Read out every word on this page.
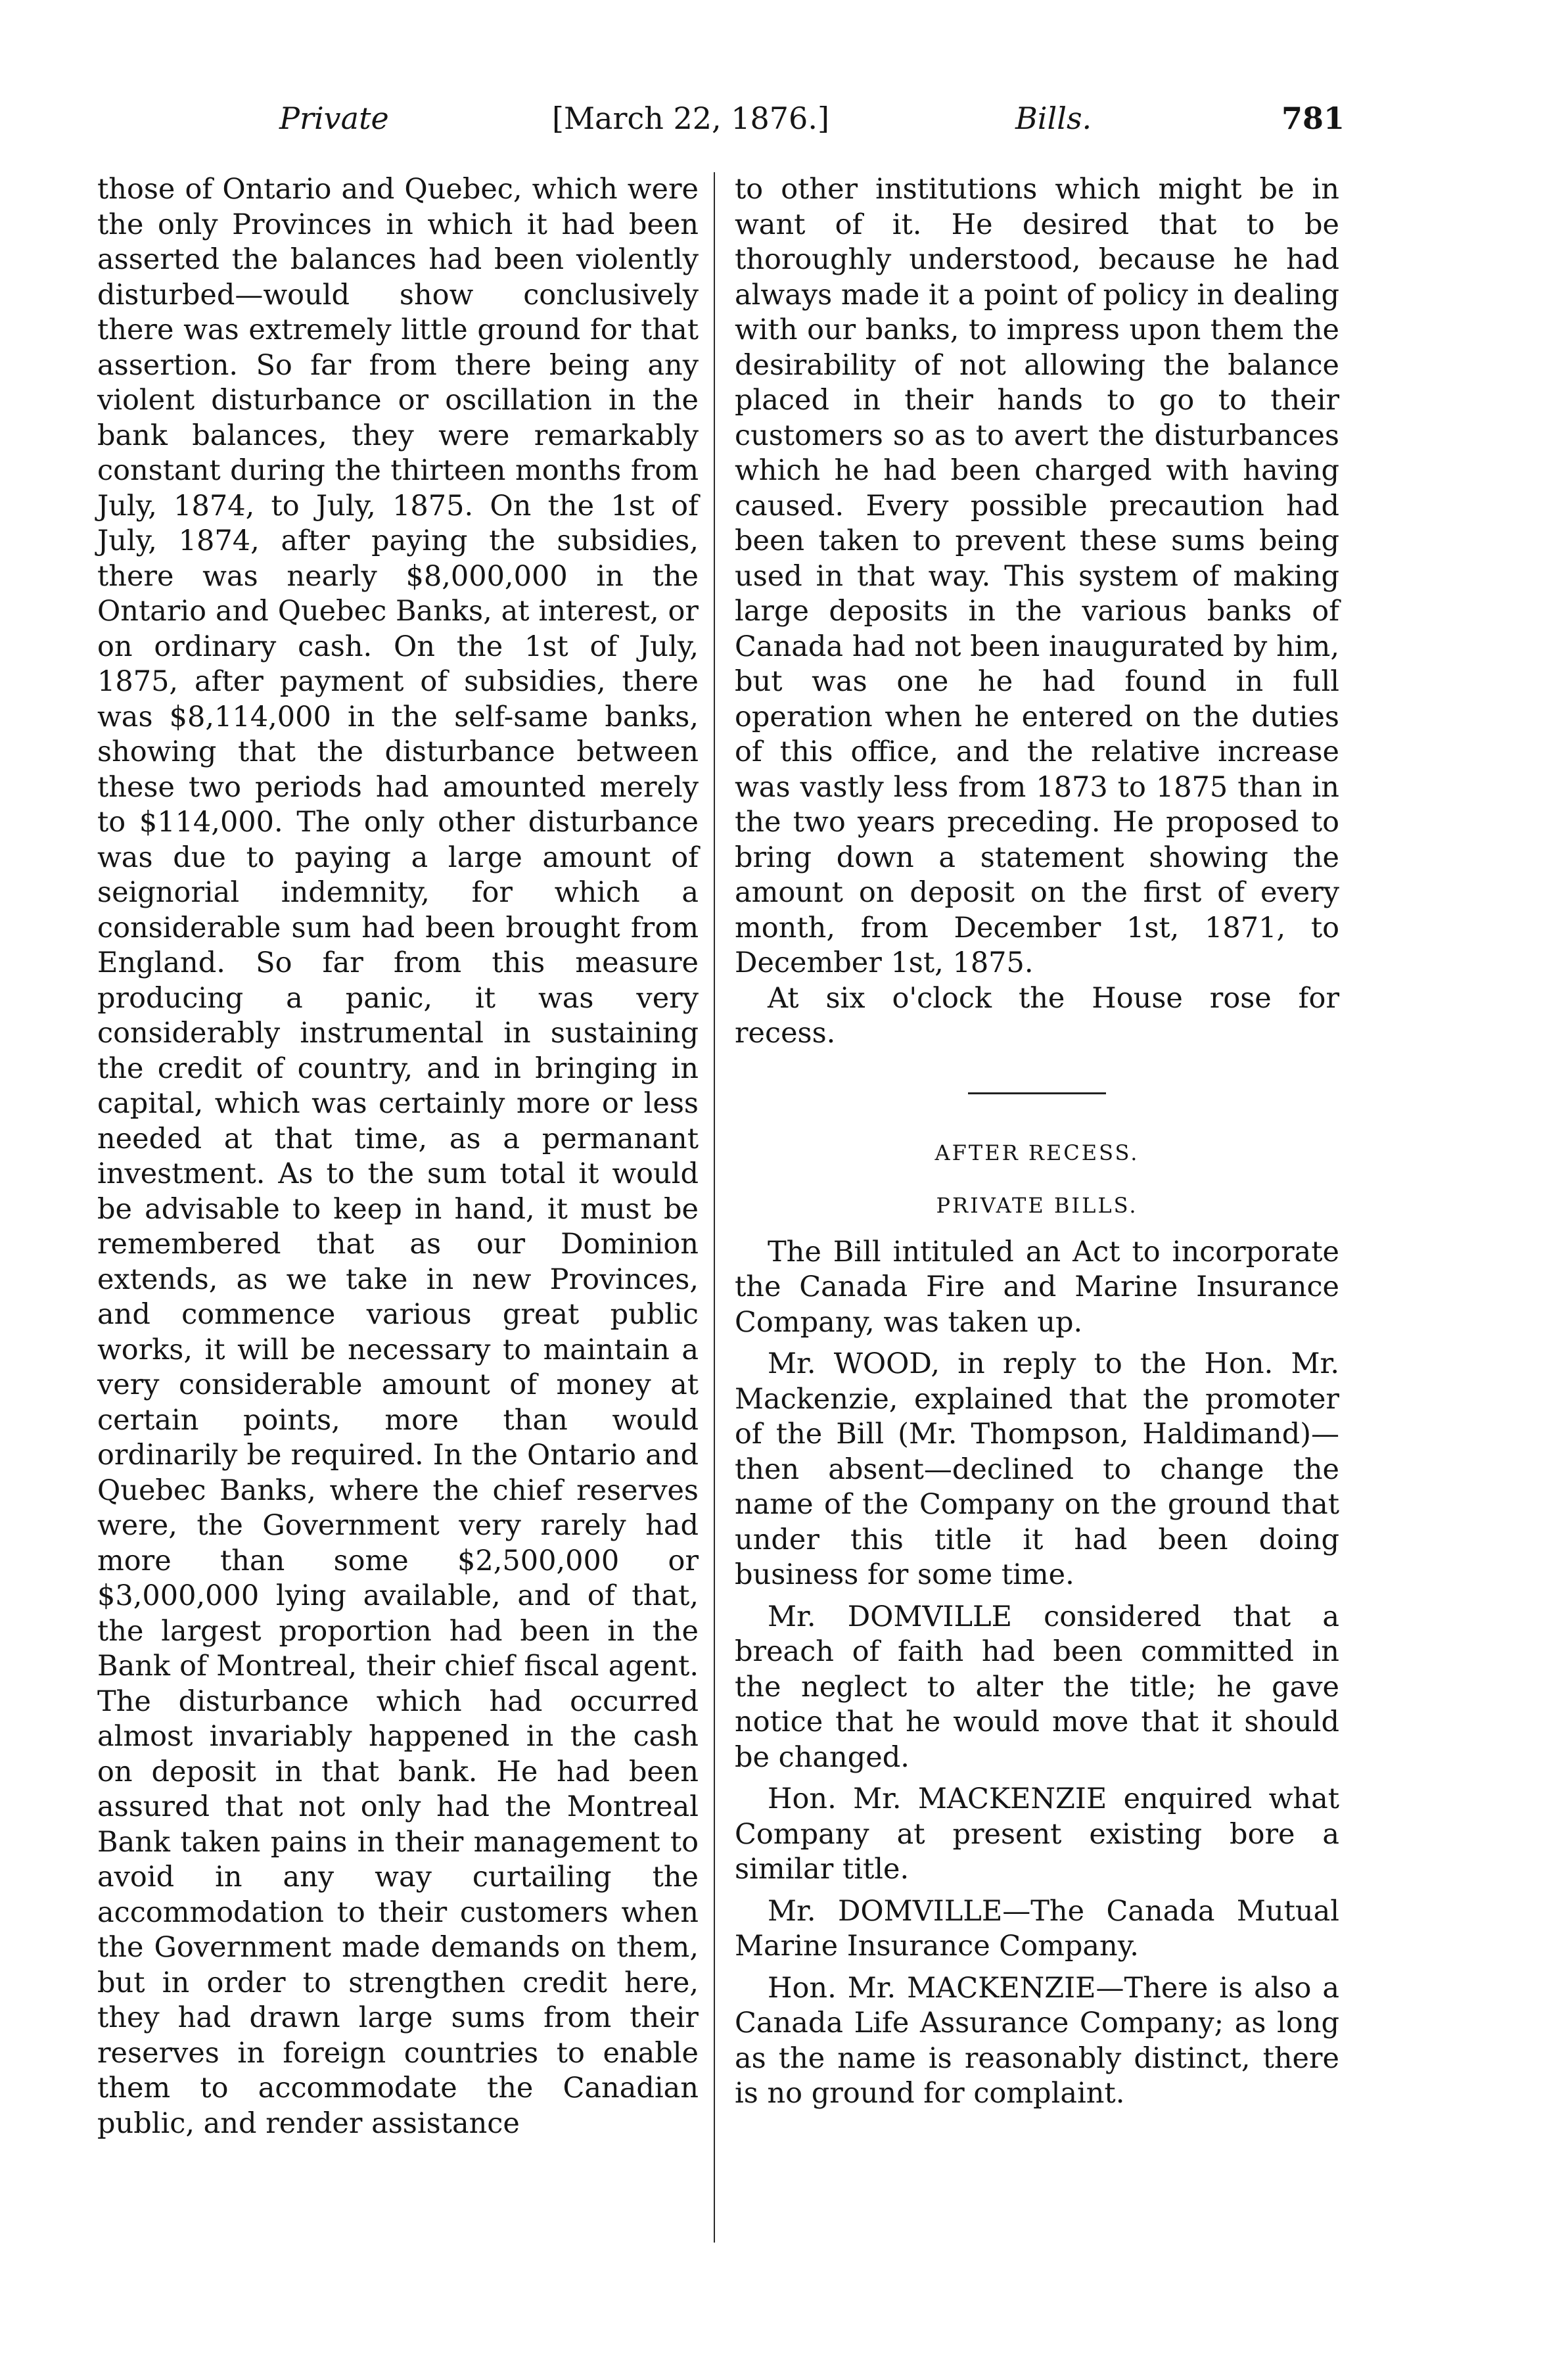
Private	[March 22, 1876.]	Bills.	781

those of Ontario and Quebec, which were the only Provinces in which it had been asserted the balances had been violently disturbed—would show conclusively there was extremely little ground for that assertion. So far from there being any violent disturbance or oscillation in the bank balances, they were remarkably constant during the thirteen months from July, 1874, to July, 1875. On the 1st of July, 1874, after paying the subsidies, there was nearly $8,000,000 in the Ontario and Quebec Banks, at interest, or on ordinary cash. On the 1st of July, 1875, after payment of subsidies, there was $8,114,000 in the self-same banks, showing that the disturbance between these two periods had amounted merely to $114,000. The only other disturbance was due to paying a large amount of seignorial indemnity, for which a considerable sum had been brought from England. So far from this measure producing a panic, it was very considerably instrumental in sustaining the credit of country, and in bringing in capital, which was certainly more or less needed at that time, as a permanant investment. As to the sum total it would be advisable to keep in hand, it must be remembered that as our Dominion extends, as we take in new Provinces, and commence various great public works, it will be necessary to maintain a very considerable amount of money at certain points, more than would ordinarily be required. In the Ontario and Quebec Banks, where the chief reserves were, the Government very rarely had more than some $2,500,000 or $3,000,000 lying available, and of that, the largest proportion had been in the Bank of Montreal, their chief fiscal agent. The disturbance which had occurred almost invariably happened in the cash on deposit in that bank. He had been assured that not only had the Montreal Bank taken pains in their management to avoid in any way curtailing the accommodation to their customers when the Government made demands on them, but in order to strengthen credit here, they had drawn large sums from their reserves in foreign countries to enable them to accommodate the Canadian public, and render assistance

to other institutions which might be in want of it. He desired that to be thoroughly understood, because he had always made it a point of policy in dealing with our banks, to impress upon them the desirability of not allowing the balance placed in their hands to go to their customers so as to avert the disturbances which he had been charged with having caused. Every possible precaution had been taken to prevent these sums being used in that way. This system of making large deposits in the various banks of Canada had not been inaugurated by him, but was one he had found in full operation when he entered on the duties of this office, and the relative increase was vastly less from 1873 to 1875 than in the two years preceding. He proposed to bring down a statement showing the amount on deposit on the first of every month, from December 1st, 1871, to December 1st, 1875.

At six o'clock the House rose for recess.

AFTER RECESS.

PRIVATE BILLS.

The Bill intituled an Act to incorporate the Canada Fire and Marine Insurance Company, was taken up.

Mr. WOOD, in reply to the Hon. Mr. Mackenzie, explained that the promoter of the Bill (Mr. Thompson, Haldimand)—then absent—declined to change the name of the Company on the ground that under this title it had been doing business for some time.

Mr. DOMVILLE considered that a breach of faith had been committed in the neglect to alter the title; he gave notice that he would move that it should be changed.

Hon. Mr. MACKENZIE enquired what Company at present existing bore a similar title.

Mr. DOMVILLE—The Canada Mutual Marine Insurance Company.

Hon. Mr. MACKENZIE—There is also a Canada Life Assurance Company; as long as the name is reasonably distinct, there is no ground for complaint.
